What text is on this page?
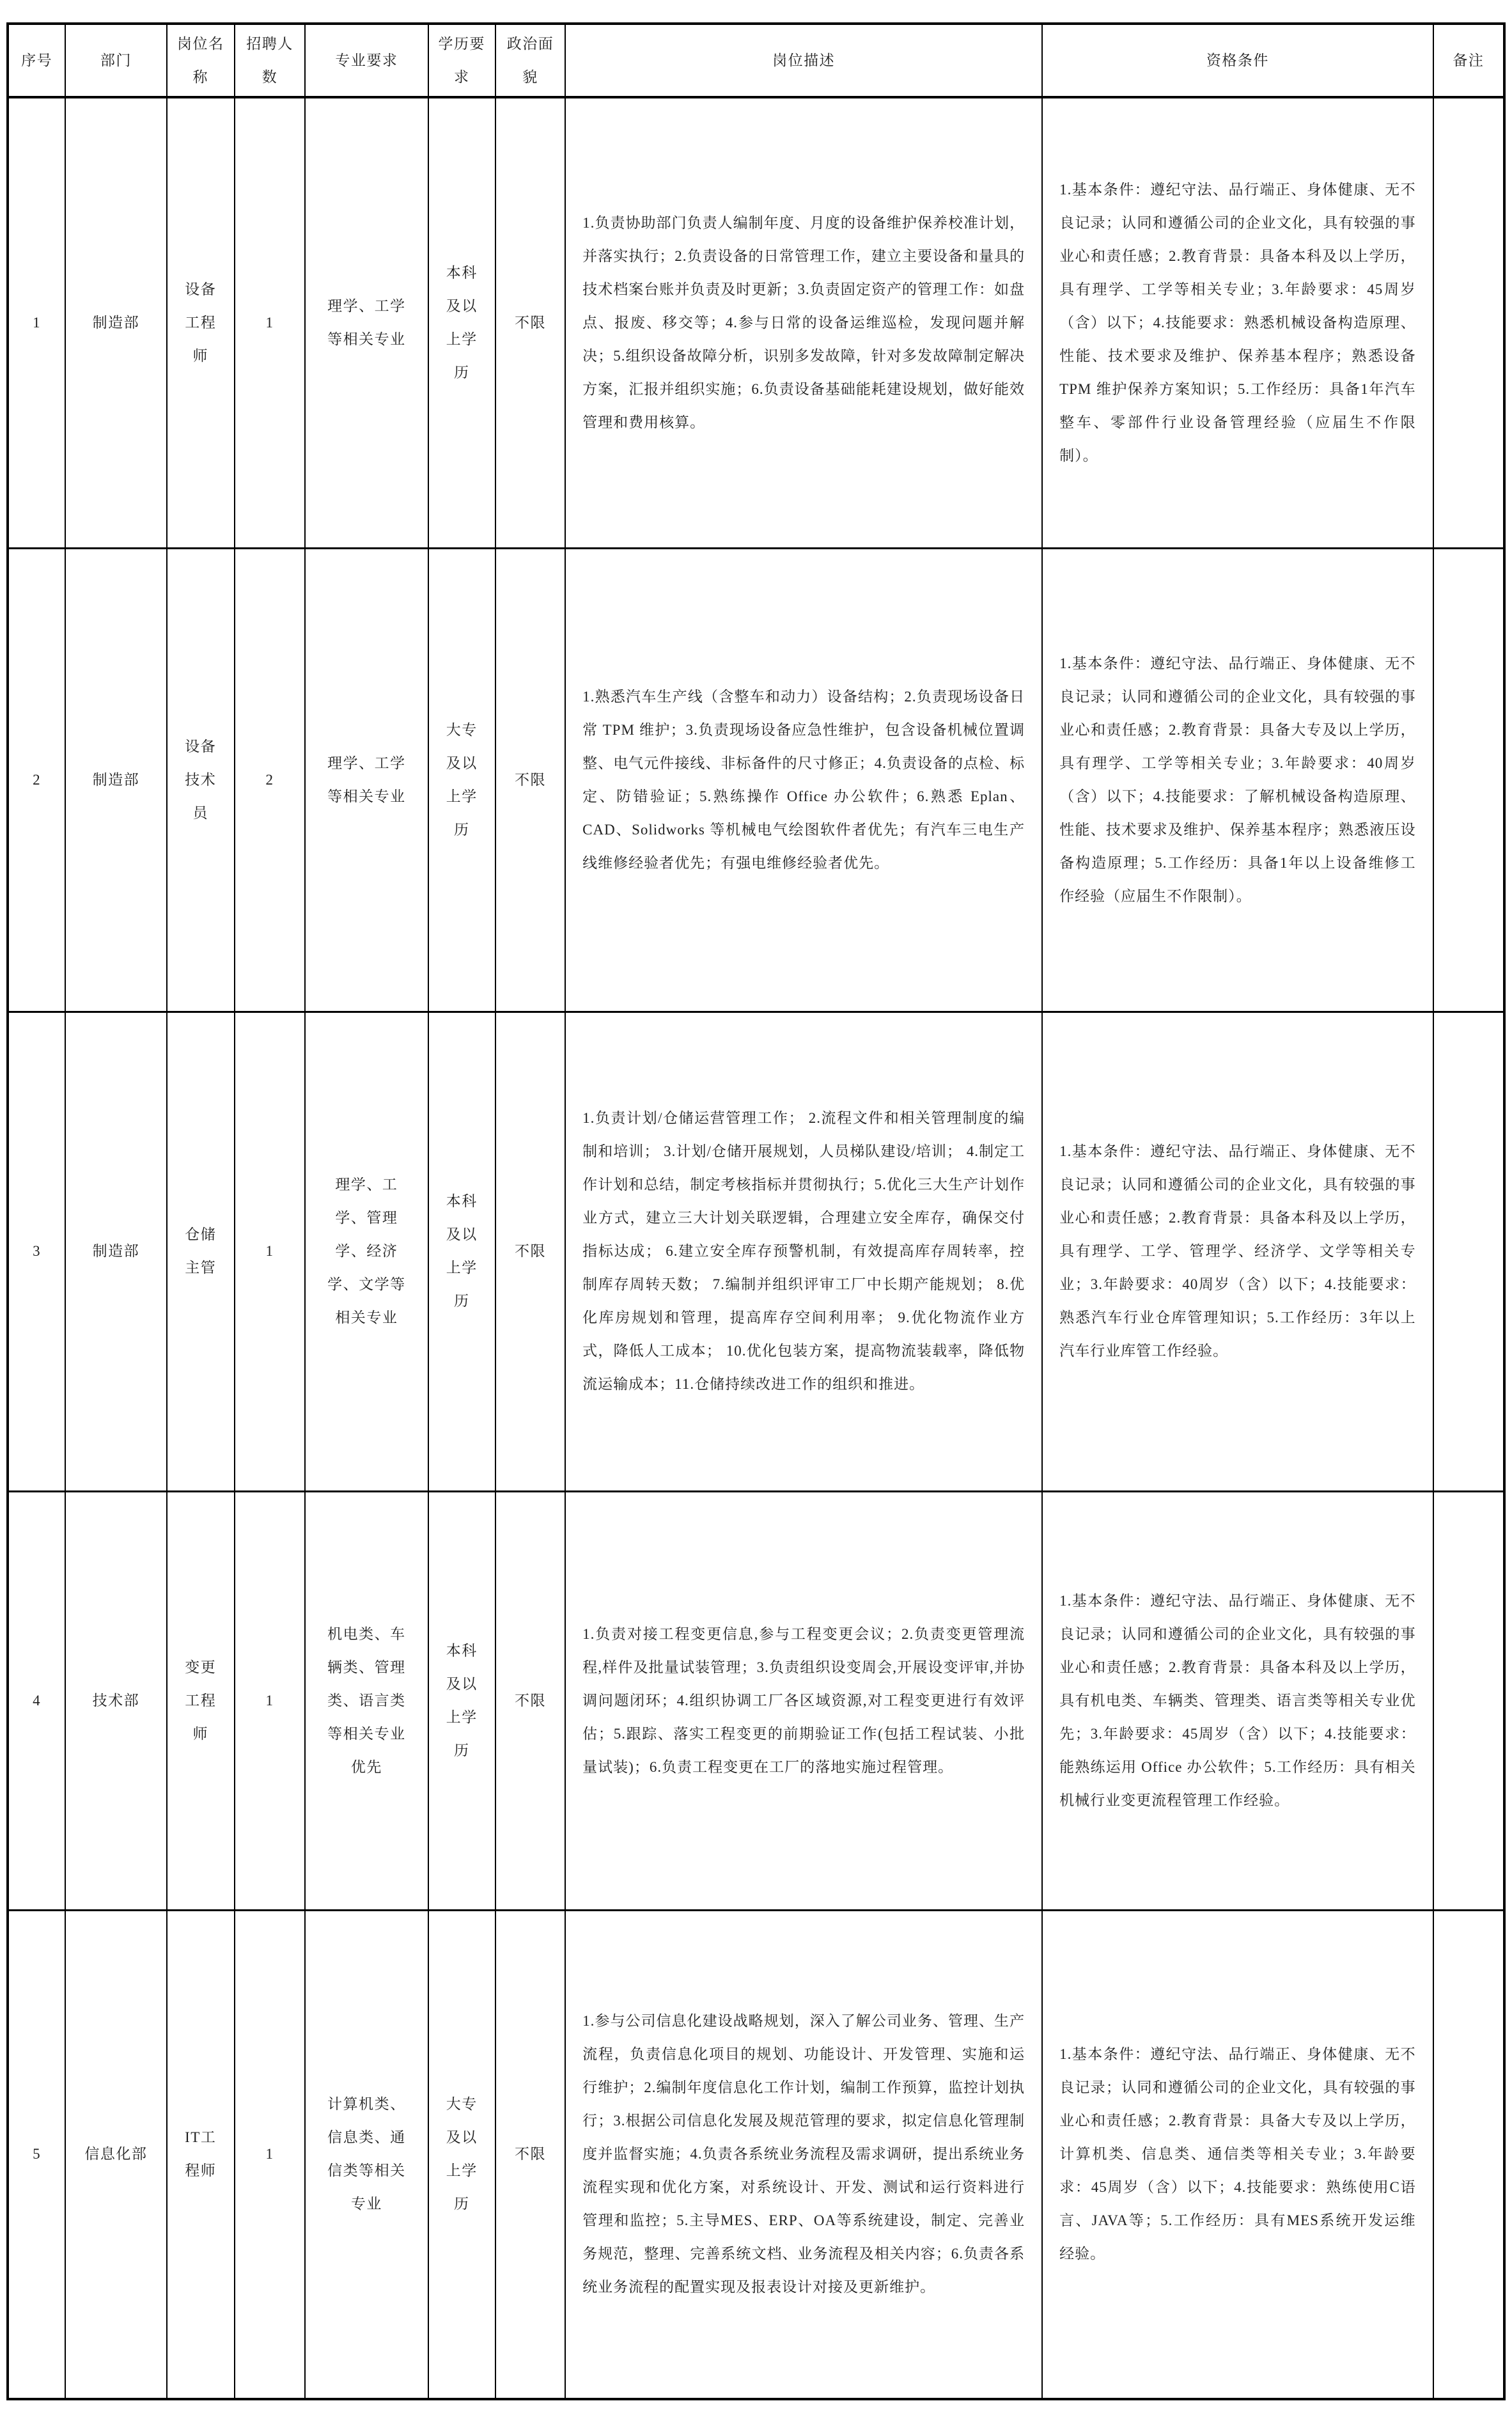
序号	部门	岗位名称	招聘人数	专业要求	学历要求	政治面貌	岗位描述	资格条件	备注
1	制造部	设备工程师	1	理学、工学等相关专业	本科及以上学历	不限	1.负责协助部门负责人编制年度、月度的设备维护保养校准计划，并落实执行；2.负责设备的日常管理工作，建立主要设备和量具的技术档案台账并负责及时更新；3.负责固定资产的管理工作：如盘点、报废、移交等；4.参与日常的设备运维巡检，发现问题并解决；5.组织设备故障分析，识别多发故障，针对多发故障制定解决方案，汇报并组织实施；6.负责设备基础能耗建设规划，做好能效管理和费用核算。	1.基本条件：遵纪守法、品行端正、身体健康、无不良记录；认同和遵循公司的企业文化，具有较强的事业心和责任感；2.教育背景：具备本科及以上学历，具有理学、工学等相关专业；3.年龄要求：45周岁（含）以下；4.技能要求：熟悉机械设备构造原理、性能、技术要求及维护、保养基本程序；熟悉设备 TPM 维护保养方案知识；5.工作经历：具备1年汽车整车、零部件行业设备管理经验（应届生不作限制）。	
2	制造部	设备技术员	2	理学、工学等相关专业	大专及以上学历	不限	1.熟悉汽车生产线（含整车和动力）设备结构；2.负责现场设备日常 TPM 维护；3.负责现场设备应急性维护，包含设备机械位置调整、电气元件接线、非标备件的尺寸修正；4.负责设备的点检、标定、防错验证；5.熟练操作 Office 办公软件；6.熟悉 Eplan、CAD、Solidworks 等机械电气绘图软件者优先；有汽车三电生产线维修经验者优先；有强电维修经验者优先。	1.基本条件：遵纪守法、品行端正、身体健康、无不良记录；认同和遵循公司的企业文化，具有较强的事业心和责任感；2.教育背景：具备大专及以上学历，具有理学、工学等相关专业；3.年龄要求：40周岁（含）以下；4.技能要求：了解机械设备构造原理、性能、技术要求及维护、保养基本程序；熟悉液压设备构造原理；5.工作经历：具备1年以上设备维修工作经验（应届生不作限制）。	
3	制造部	仓储主管	1	理学、工学、管理学、经济学、文学等相关专业	本科及以上学历	不限	1.负责计划/仓储运营管理工作； 2.流程文件和相关管理制度的编制和培训； 3.计划/仓储开展规划，人员梯队建设/培训； 4.制定工作计划和总结，制定考核指标并贯彻执行；5.优化三大生产计划作业方式，建立三大计划关联逻辑，合理建立安全库存，确保交付指标达成； 6.建立安全库存预警机制，有效提高库存周转率，控制库存周转天数； 7.编制并组织评审工厂中长期产能规划； 8.优化库房规划和管理，提高库存空间利用率； 9.优化物流作业方式，降低人工成本； 10.优化包装方案，提高物流装载率，降低物流运输成本；11.仓储持续改进工作的组织和推进。	1.基本条件：遵纪守法、品行端正、身体健康、无不良记录；认同和遵循公司的企业文化，具有较强的事业心和责任感；2.教育背景：具备本科及以上学历，具有理学、工学、管理学、经济学、文学等相关专业；3.年龄要求：40周岁（含）以下；4.技能要求：熟悉汽车行业仓库管理知识；5.工作经历：3年以上汽车行业库管工作经验。	
4	技术部	变更工程师	1	机电类、车辆类、管理类、语言类等相关专业优先	本科及以上学历	不限	1.负责对接工程变更信息,参与工程变更会议；2.负责变更管理流程,样件及批量试装管理；3.负责组织设变周会,开展设变评审,并协调问题闭环；4.组织协调工厂各区域资源,对工程变更进行有效评估；5.跟踪、落实工程变更的前期验证工作(包括工程试装、小批量试装)；6.负责工程变更在工厂的落地实施过程管理。	1.基本条件：遵纪守法、品行端正、身体健康、无不良记录；认同和遵循公司的企业文化，具有较强的事业心和责任感；2.教育背景：具备本科及以上学历，具有机电类、车辆类、管理类、语言类等相关专业优先；3.年龄要求：45周岁（含）以下；4.技能要求：能熟练运用 Office 办公软件；5.工作经历：具有相关机械行业变更流程管理工作经验。	
5	信息化部	IT工程师	1	计算机类、信息类、通信类等相关专业	大专及以上学历	不限	1.参与公司信息化建设战略规划，深入了解公司业务、管理、生产流程，负责信息化项目的规划、功能设计、开发管理、实施和运行维护；2.编制年度信息化工作计划，编制工作预算，监控计划执行；3.根据公司信息化发展及规范管理的要求，拟定信息化管理制度并监督实施；4.负责各系统业务流程及需求调研，提出系统业务流程实现和优化方案，对系统设计、开发、测试和运行资料进行管理和监控；5.主导MES、ERP、OA等系统建设，制定、完善业务规范，整理、完善系统文档、业务流程及相关内容；6.负责各系统业务流程的配置实现及报表设计对接及更新维护。	1.基本条件：遵纪守法、品行端正、身体健康、无不良记录；认同和遵循公司的企业文化，具有较强的事业心和责任感；2.教育背景：具备大专及以上学历，计算机类、信息类、通信类等相关专业；3.年龄要求：45周岁（含）以下；4.技能要求：熟练使用C语言、JAVA等；5.工作经历：具有MES系统开发运维经验。	
